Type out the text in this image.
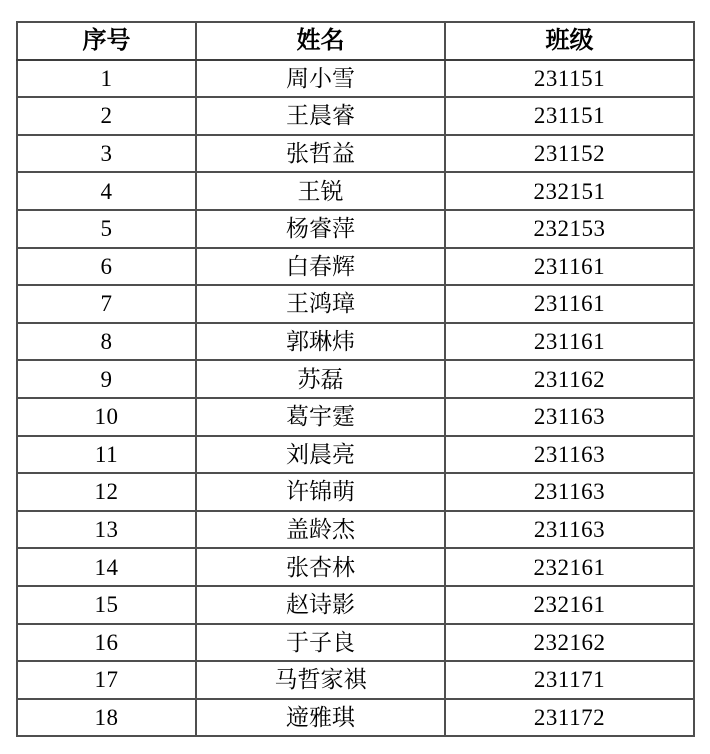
序号	姓名	班级
1	周小雪	231151
2	王晨睿	231151
3	张哲益	231152
4	王锐	232151
5	杨睿萍	232153
6	白春辉	231161
7	王鸿璋	231161
8	郭琳炜	231161
9	苏磊	231162
10	葛宇霆	231163
11	刘晨亮	231163
12	许锦萌	231163
13	盖龄杰	231163
14	张杏林	232161
15	赵诗影	232161
16	于子良	232162
17	马哲家祺	231171
18	遆雅琪	231172
